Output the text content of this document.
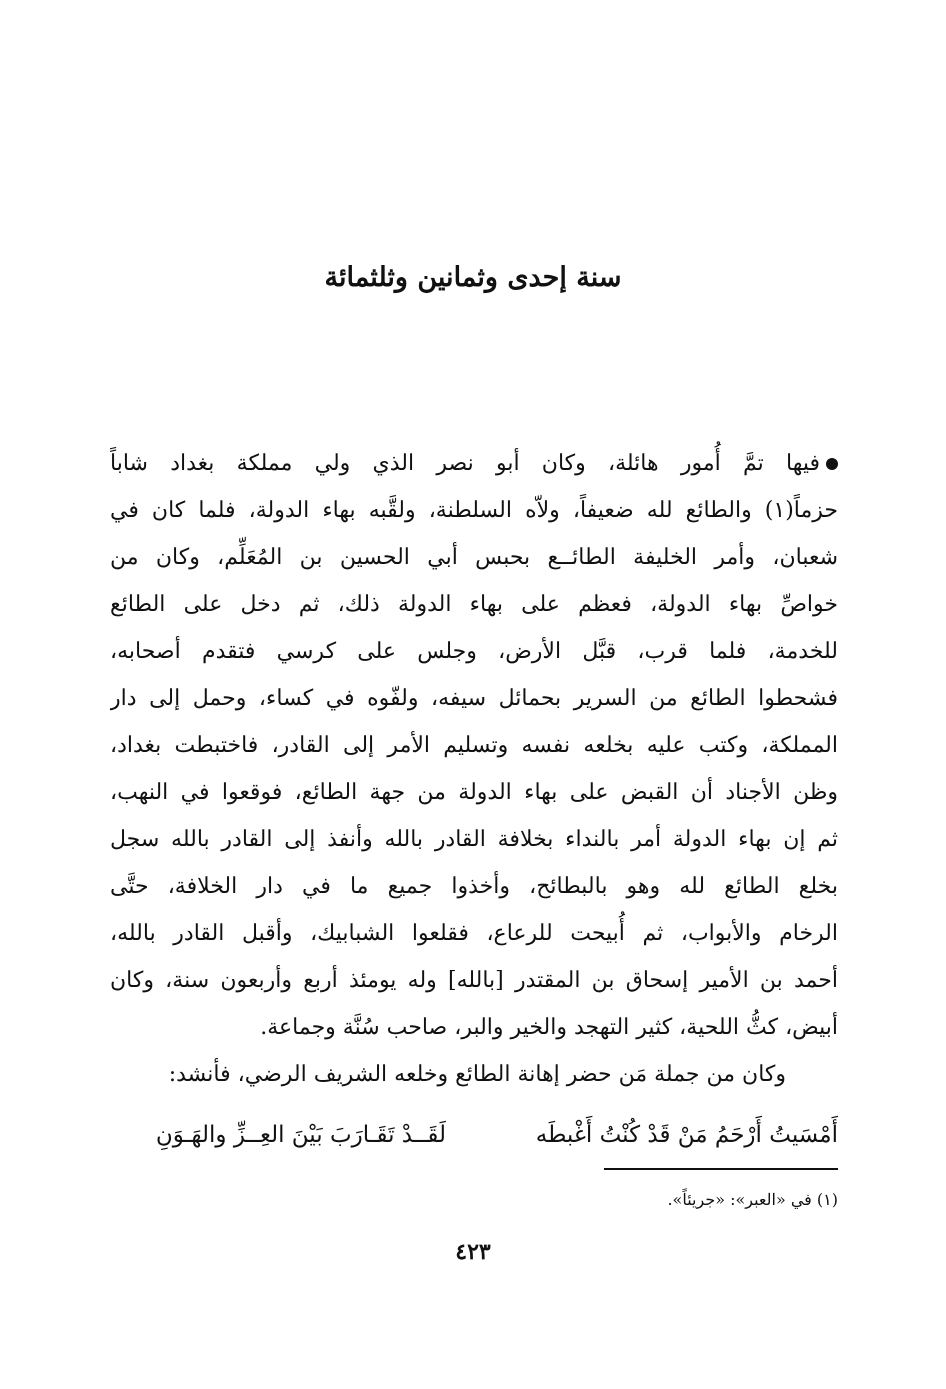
سنة إحدى وثمانين وثلثمائة
فيها تمَّ أُمور هائلة، وكان أبو نصر الذي ولي مملكة بغداد شاباً
حزماً(١) والطائع لله ضعيفاً، ولاّه السلطنة، ولقَّبه بهاء الدولة، فلما كان في
شعبان، وأمر الخليفة الطائــع بحبس أبي الحسين بن المُعَلِّم، وكان من
خواصِّ بهاء الدولة، فعظم على بهاء الدولة ذلك، ثم دخل على الطائع
للخدمة، فلما قرب، قبَّل الأرض، وجلس على كرسي فتقدم أصحابه،
فشحطوا الطائع من السرير بحمائل سيفه، ولفّوه في كساء، وحمل إلى دار
المملكة، وكتب عليه بخلعه نفسه وتسليم الأمر إلى القادر، فاختبطت بغداد،
وظن الأجناد أن القبض على بهاء الدولة من جهة الطائع، فوقعوا في النهب،
ثم إن بهاء الدولة أمر بالنداء بخلافة القادر بالله وأنفذ إلى القادر بالله سجل
بخلع الطائع لله وهو بالبطائح، وأخذوا جميع ما في دار الخلافة، حتَّى
الرخام والأبواب، ثم أُبيحت للرعاع، فقلعوا الشبابيك، وأقبل القادر بالله،
أحمد بن الأمير إسحاق بن المقتدر [بالله] وله يومئذ أربع وأربعون سنة، وكان
أبيض، كثُّ اللحية، كثير التهجد والخير والبر، صاحب سُنَّة وجماعة.
وكان من جملة مَن حضر إهانة الطائع وخلعه الشريف الرضي، فأنشد:
أَمْسَيتُ أَرْحَمُ مَنْ قَدْ كُنْتُ أَغْبطَه
لَقَــدْ تَقَـارَبَ بَيْنَ العِــزِّ والهَـوَنِ
(١) في «العبر»: «جريئاً».
٤٢٣
